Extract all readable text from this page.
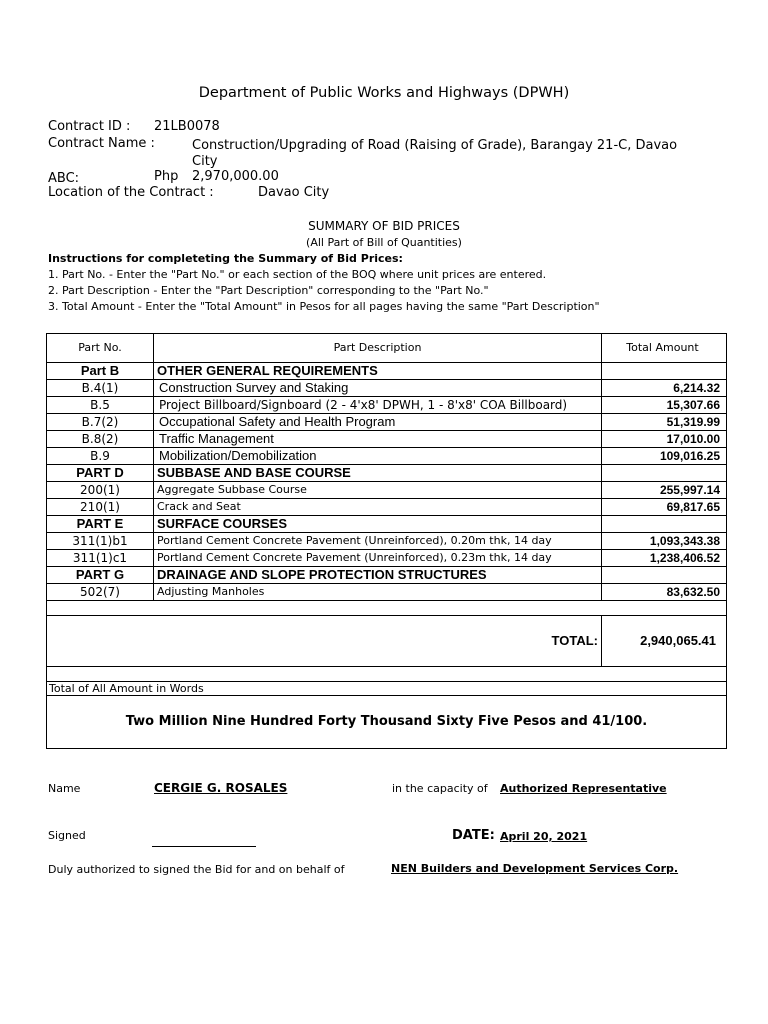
Department of Public Works and Highways (DPWH)
Contract ID : 21LB0078
Contract Name :	Construction/Upgrading of Road (Raising of Grade), Barangay 21-C, Davao
City
ABC:	Php 2,970,000.00
Location of the Contract :	Davao City
SUMMARY OF BID PRICES
(All Part of Bill of Quantities)
Instructions for completeting the Summary of Bid Prices:
1. Part No. - Enter the "Part No." or each section of the BOQ where unit prices are entered.
2. Part Description - Enter the "Part Description" corresponding to the "Part No."
3. Total Amount - Enter the "Total Amount" in Pesos for all pages having the same "Part Description"
Part No.	Part Description	Total Amount
Part B	OTHER GENERAL REQUIREMENTS	
B.4(1)	Construction Survey and Staking	6,214.32
B.5	Project Billboard/Signboard (2 - 4'x8' DPWH, 1 - 8'x8' COA Billboard)	15,307.66
B.7(2)	Occupational Safety and Health Program	51,319.99
B.8(2)	Traffic Management	17,010.00
B.9	Mobilization/Demobilization	109,016.25
PART D	SUBBASE AND BASE COURSE	
200(1)	Aggregate Subbase Course	255,997.14
210(1)	Crack and Seat	69,817.65
PART E	SURFACE COURSES	
311(1)b1	Portland Cement Concrete Pavement (Unreinforced), 0.20m thk, 14 day	1,093,343.38
311(1)c1	Portland Cement Concrete Pavement (Unreinforced), 0.23m thk, 14 day	1,238,406.52
PART G	DRAINAGE AND SLOPE PROTECTION STRUCTURES	
502(7)	Adjusting Manholes	83,632.50

TOTAL:		2,940,065.41

Total of All Amount in Words		
Two Million Nine Hundred Forty Thousand Sixty Five Pesos and 41/100.		
Name	CERGIE G. ROSALES	in the capacity of Authorized Representative
Signed	DATE: April 20, 2021
Duly authorized to signed the Bid for and on behalf of	NEN Builders and Development Services Corp.
